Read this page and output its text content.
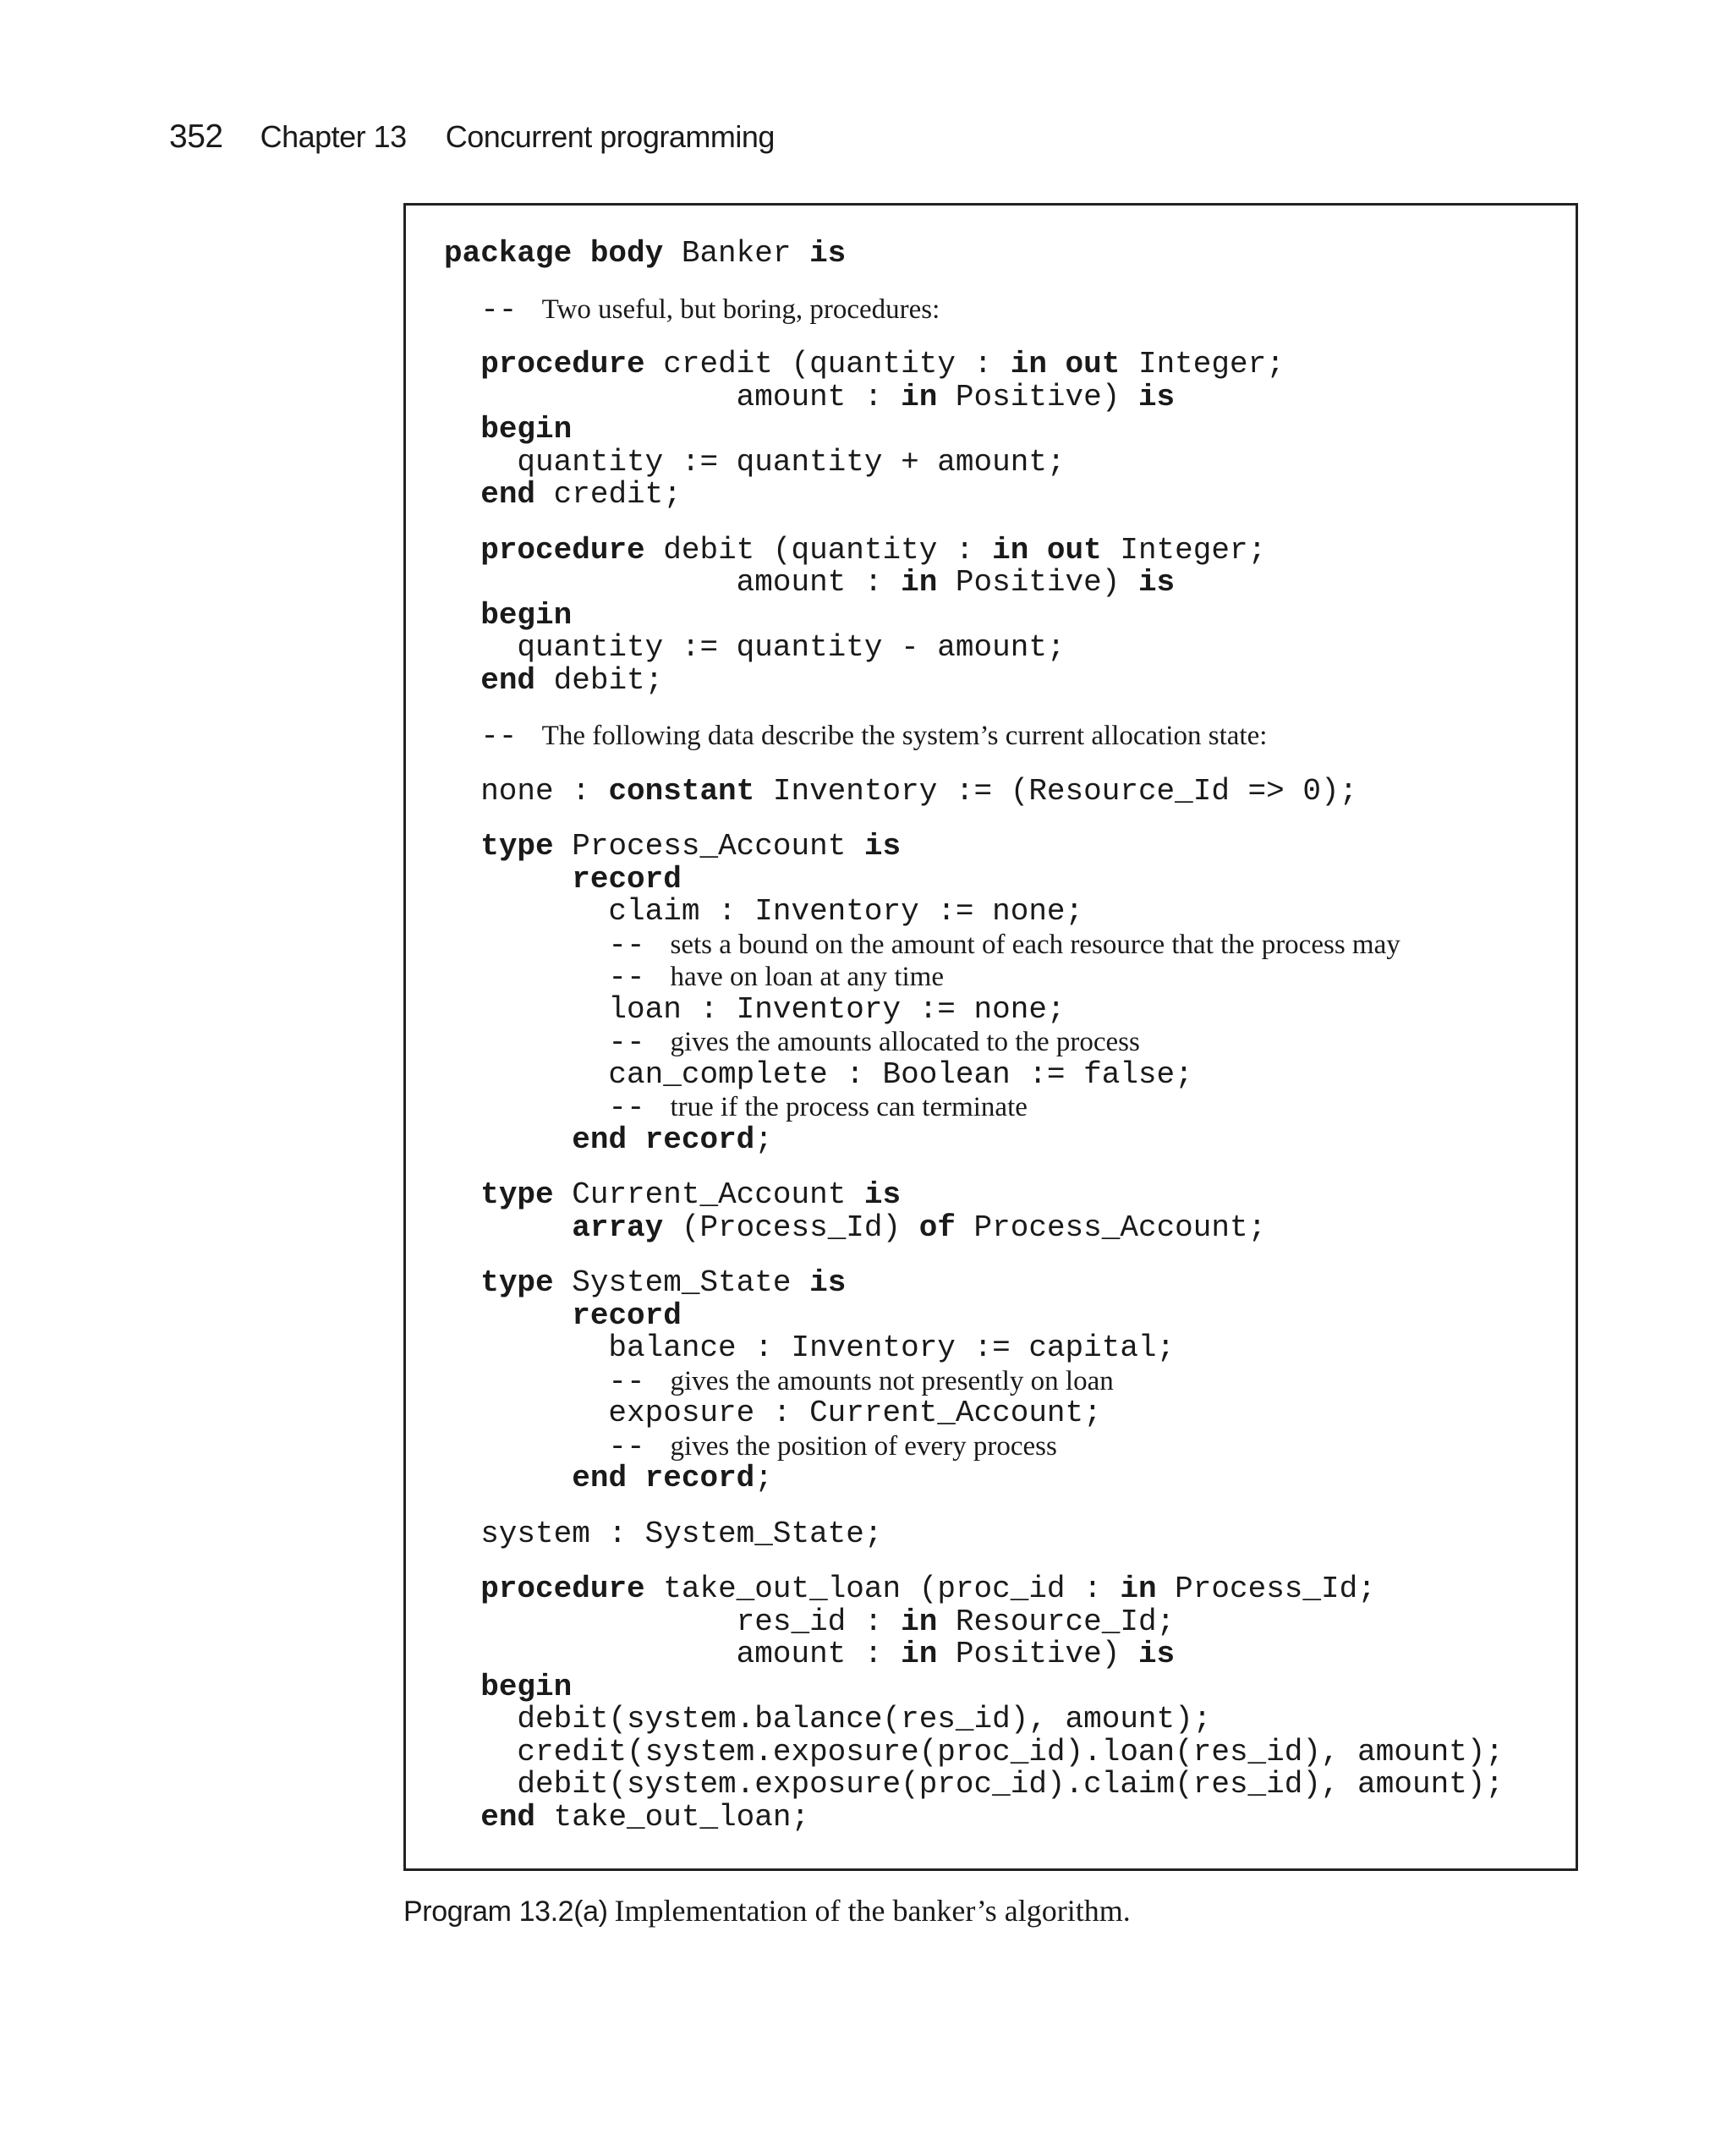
352 Chapter 13 Concurrent programming
package body Banker is
--  Two useful, but boring, procedures:
procedure credit (quantity : in out Integer;
amount : in Positive) is
begin
quantity := quantity + amount;
end credit;
procedure debit (quantity : in out Integer;
amount : in Positive) is
begin
quantity := quantity - amount;
end debit;
--  The following data describe the system’s current allocation state:
none : constant Inventory := (Resource_Id => 0);
type Process_Account is
record
claim : Inventory := none;
--  sets a bound on the amount of each resource that the process may
--  have on loan at any time
loan : Inventory := none;
--  gives the amounts allocated to the process
can_complete : Boolean := false;
--  true if the process can terminate
end record;
type Current_Account is
array (Process_Id) of Process_Account;
type System_State is
record
balance : Inventory := capital;
--  gives the amounts not presently on loan
exposure : Current_Account;
--  gives the position of every process
end record;
system : System_State;
procedure take_out_loan (proc_id : in Process_Id;
res_id : in Resource_Id;
amount : in Positive) is
begin
debit(system.balance(res_id), amount);
credit(system.exposure(proc_id).loan(res_id), amount);
debit(system.exposure(proc_id).claim(res_id), amount);
end take_out_loan;
Program 13.2(a) Implementation of the banker’s algorithm.
